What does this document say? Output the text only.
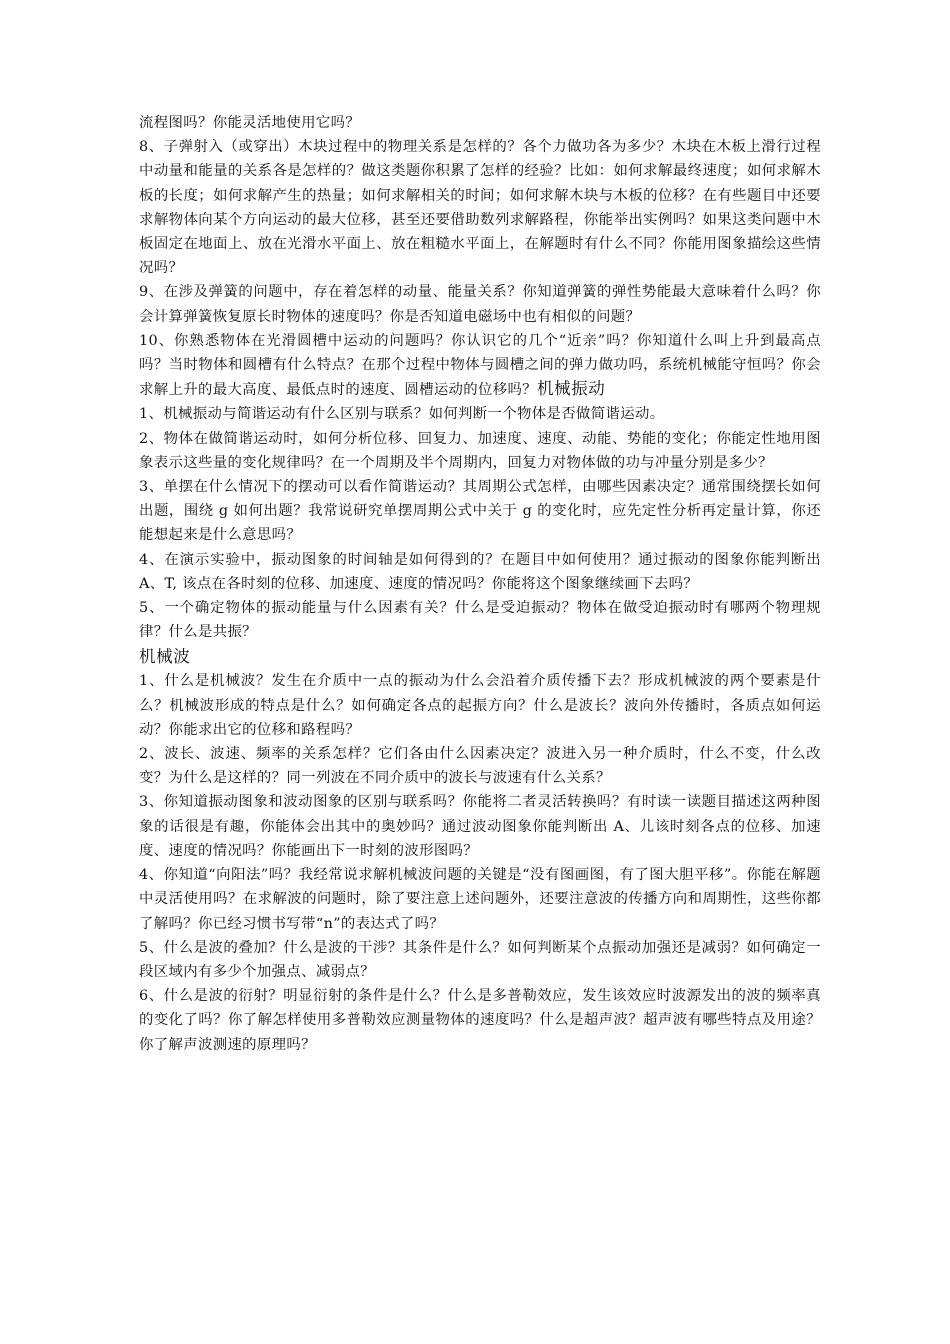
流程图吗？你能灵活地使用它吗？

8、子弹射入（或穿出）木块过程中的物理关系是怎样的？各个力做功各为多少？木块在木板上滑行过程中动量和能量的关系各是怎样的？做这类题你积累了怎样的经验？比如：如何求解最终速度；如何求解木板的长度；如何求解产生的热量；如何求解相关的时间；如何求解木块与木板的位移？在有些题目中还要求解物体向某个方向运动的最大位移，甚至还要借助数列求解路程，你能举出实例吗？如果这类问题中木板固定在地面上、放在光滑水平面上、放在粗糙水平面上，在解题时有什么不同？你能用图象描绘这些情况吗？

9、在涉及弹簧的问题中，存在着怎样的动量、能量关系？你知道弹簧的弹性势能最大意味着什么吗？你会计算弹簧恢复原长时物体的速度吗？你是否知道电磁场中也有相似的问题？

10、你熟悉物体在光滑圆槽中运动的问题吗？你认识它的几个“近亲”吗？你知道什么叫上升到最高点吗？当时物体和圆槽有什么特点？在那个过程中物体与圆槽之间的弹力做功吗，系统机械能守恒吗？你会求解上升的最大高度、最低点时的速度、圆槽运动的位移吗？机械振动

1、机械振动与简谐运动有什么区别与联系？如何判断一个物体是否做简谐运动。

2、物体在做简谐运动时，如何分析位移、回复力、加速度、速度、动能、势能的变化；你能定性地用图象表示这些量的变化规律吗？在一个周期及半个周期内，回复力对物体做的功与冲量分别是多少？

3、单摆在什么情况下的摆动可以看作简谐运动？其周期公式怎样，由哪些因素决定？通常围绕摆长如何出题，围绕 g 如何出题？我常说研究单摆周期公式中关于 g 的变化时，应先定性分析再定量计算，你还能想起来是什么意思吗？

4、在演示实验中，振动图象的时间轴是如何得到的？在题目中如何使用？通过振动的图象你能判断出 A、T, 该点在各时刻的位移、加速度、速度的情况吗？你能将这个图象继续画下去吗？

5、一个确定物体的振动能量与什么因素有关？什么是受迫振动？物体在做受迫振动时有哪两个物理规律？什么是共振？

机械波

1、什么是机械波？发生在介质中一点的振动为什么会沿着介质传播下去？形成机械波的两个要素是什么？机械波形成的特点是什么？如何确定各点的起振方向？什么是波长？波向外传播时，各质点如何运动？你能求出它的位移和路程吗？

2、波长、波速、频率的关系怎样？它们各由什么因素决定？波进入另一种介质时，什么不变，什么改变？为什么是这样的？同一列波在不同介质中的波长与波速有什么关系？

3、你知道振动图象和波动图象的区别与联系吗？你能将二者灵活转换吗？有时读一读题目描述这两种图象的话很是有趣，你能体会出其中的奥妙吗？通过波动图象你能判断出 A、儿该时刻各点的位移、加速度、速度的情况吗？你能画出下一时刻的波形图吗？

4、你知道“向阳法”吗？我经常说求解机械波问题的关键是“没有图画图，有了图大胆平移”。你能在解题中灵活使用吗？在求解波的问题时，除了要注意上述问题外，还要注意波的传播方向和周期性，这些你都了解吗？你已经习惯书写带“n”的表达式了吗？

5、什么是波的叠加？什么是波的干涉？其条件是什么？如何判断某个点振动加强还是减弱？如何确定一段区域内有多少个加强点、减弱点？

6、什么是波的衍射？明显衍射的条件是什么？什么是多普勒效应，发生该效应时波源发出的波的频率真的变化了吗？你了解怎样使用多普勒效应测量物体的速度吗？什么是超声波？超声波有哪些特点及用途？你了解声波测速的原理吗？
